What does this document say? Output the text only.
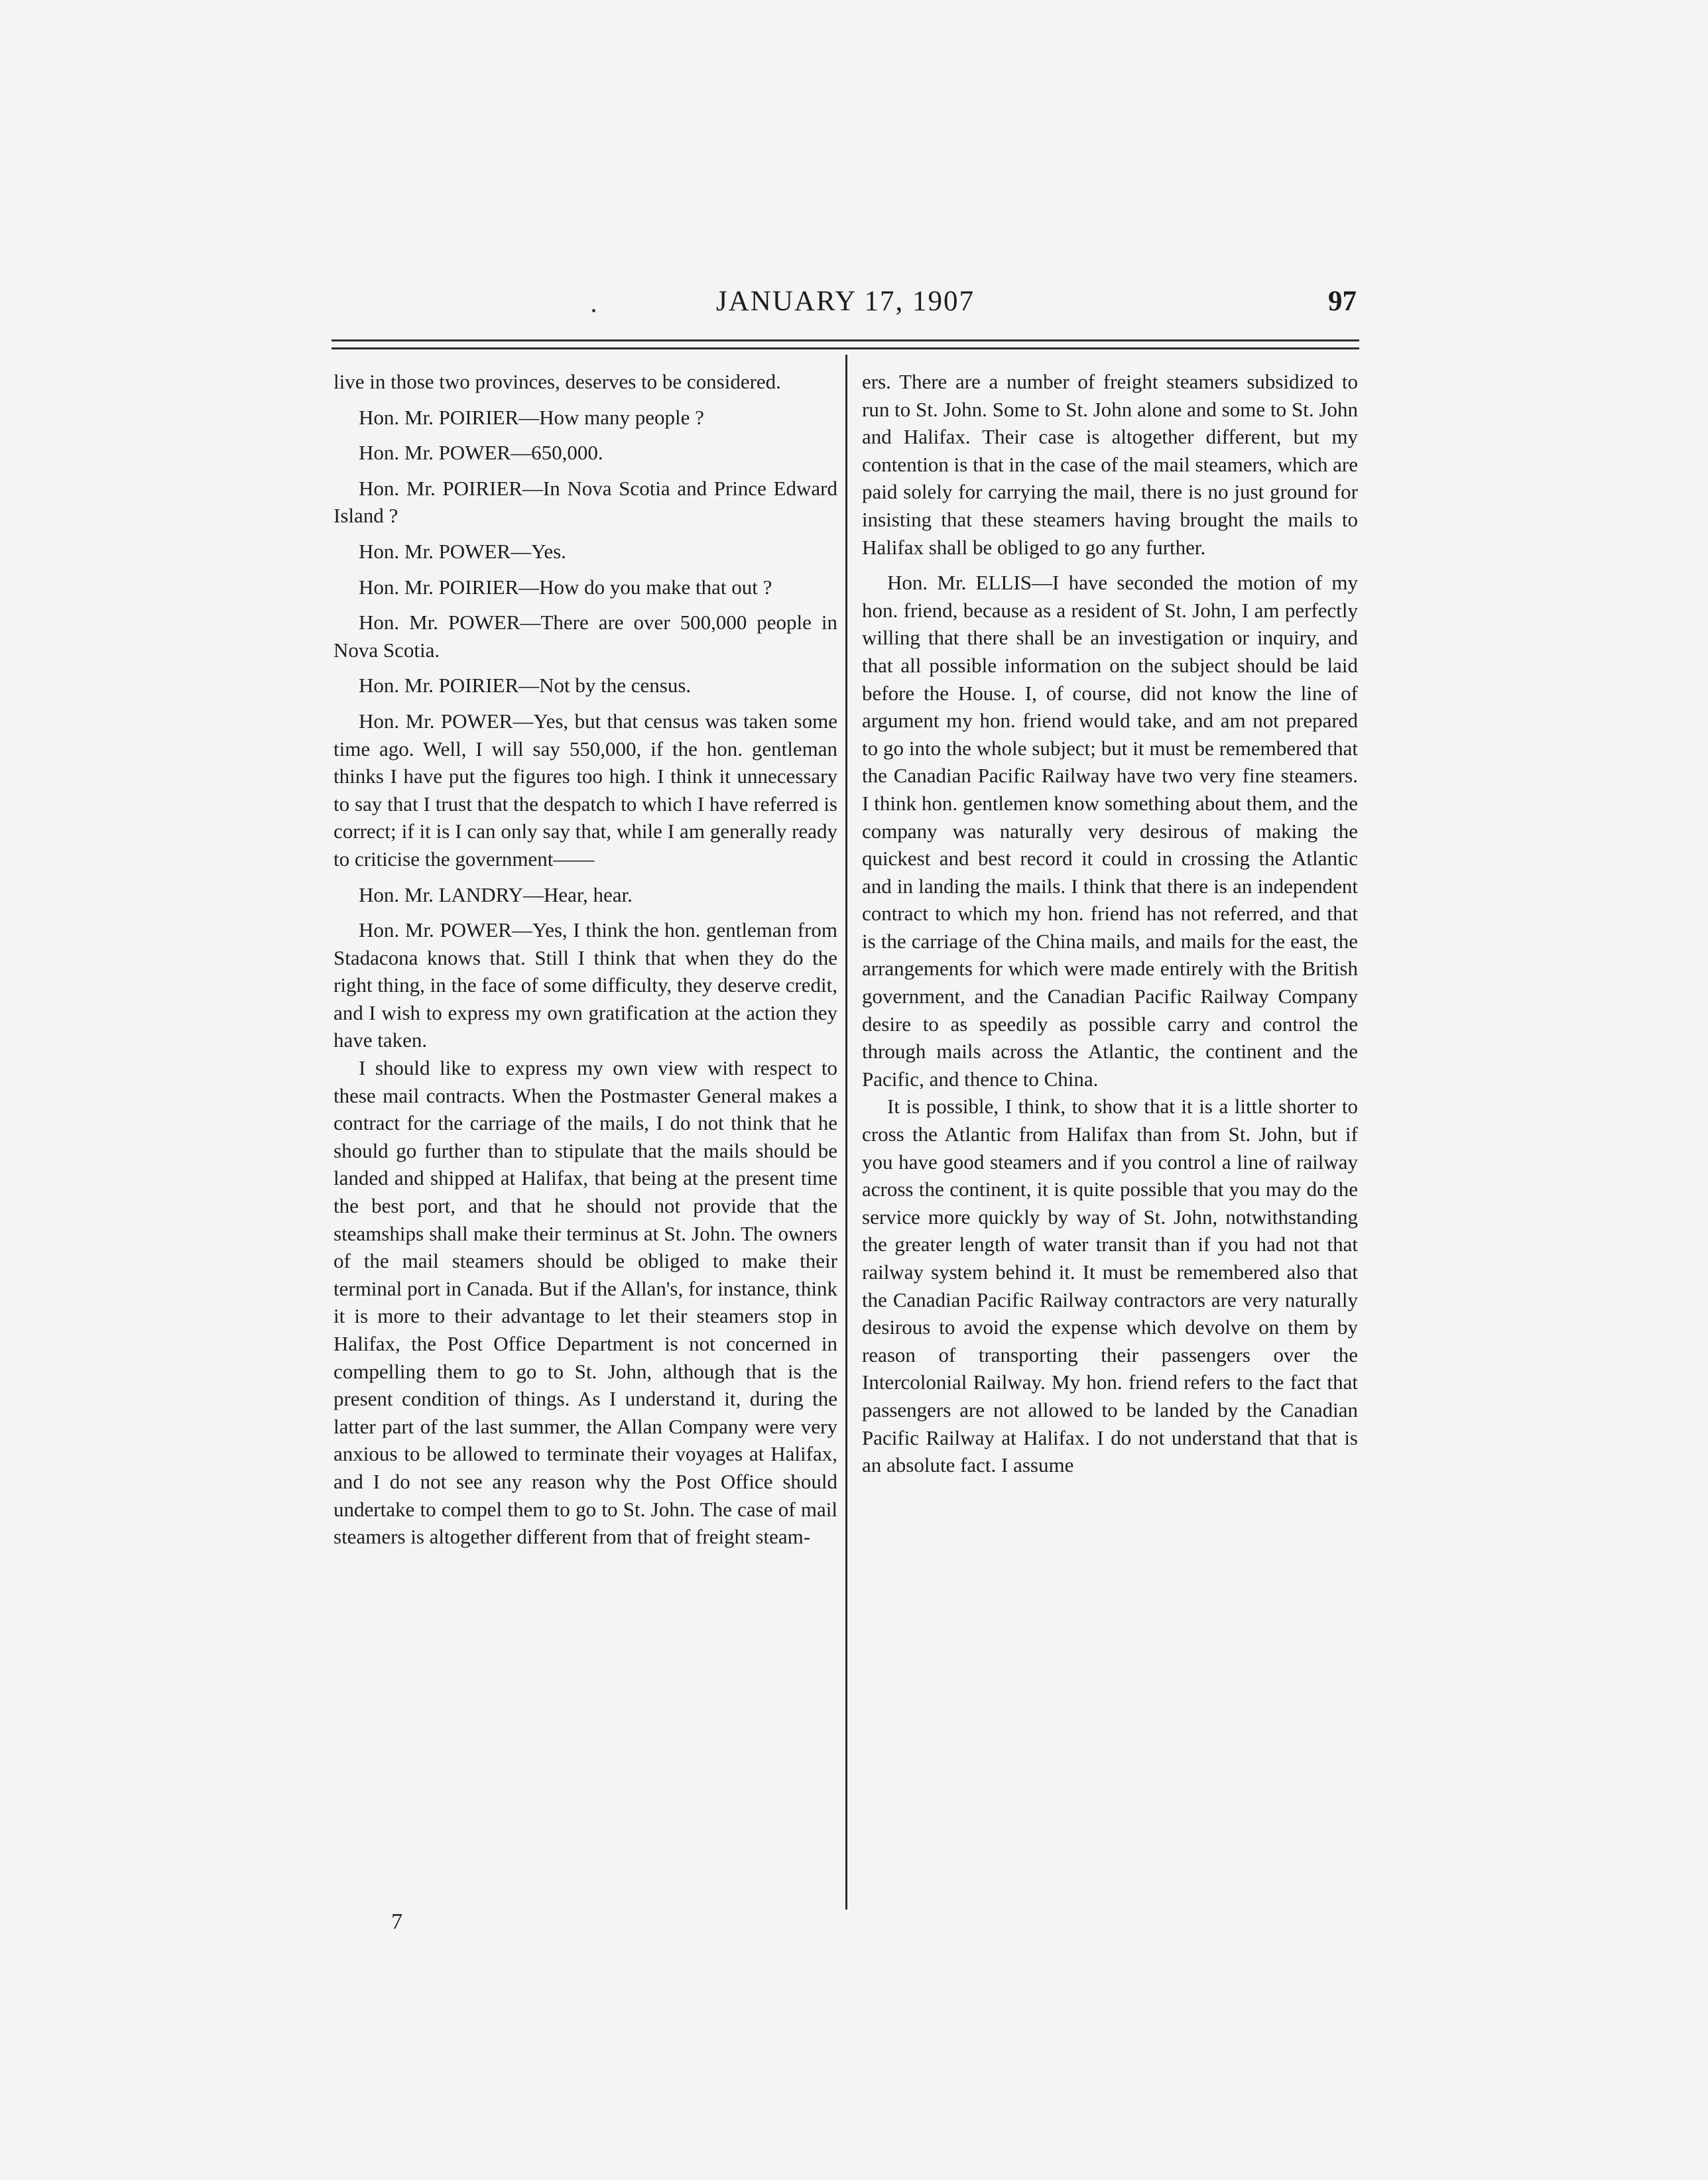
JANUARY 17, 1907	97

live in those two provinces, deserves to be considered.

Hon. Mr. POIRIER—How many people ?

Hon. Mr. POWER—650,000.

Hon. Mr. POIRIER—In Nova Scotia and Prince Edward Island ?

Hon. Mr. POWER—Yes.

Hon. Mr. POIRIER—How do you make that out ?

Hon. Mr. POWER—There are over 500,000 people in Nova Scotia.

Hon. Mr. POIRIER—Not by the census.

Hon. Mr. POWER—Yes, but that census was taken some time ago. Well, I will say 550,000, if the hon. gentleman thinks I have put the figures too high. I think it unnecessary to say that I trust that the despatch to which I have referred is correct; if it is I can only say that, while I am generally ready to criticise the government——

Hon. Mr. LANDRY—Hear, hear.

Hon. Mr. POWER—Yes, I think the hon. gentleman from Stadacona knows that. Still I think that when they do the right thing, in the face of some difficulty, they deserve credit, and I wish to express my own gratification at the action they have taken.

I should like to express my own view with respect to these mail contracts. When the Postmaster General makes a contract for the carriage of the mails, I do not think that he should go further than to stipulate that the mails should be landed and shipped at Halifax, that being at the present time the best port, and that he should not provide that the steamships shall make their terminus at St. John. The owners of the mail steamers should be obliged to make their terminal port in Canada. But if the Allan's, for instance, think it is more to their advantage to let their steamers stop in Halifax, the Post Office Department is not concerned in compelling them to go to St. John, although that is the present condition of things. As I understand it, during the latter part of the last summer, the Allan Company were very anxious to be allowed to terminate their voyages at Halifax, and I do not see any reason why the Post Office should undertake to compel them to go to St. John. The case of mail steamers is altogether different from that of freight steam-

ers. There are a number of freight steamers subsidized to run to St. John. Some to St. John alone and some to St. John and Halifax. Their case is altogether different, but my contention is that in the case of the mail steamers, which are paid solely for carrying the mail, there is no just ground for insisting that these steamers having brought the mails to Halifax shall be obliged to go any further.

Hon. Mr. ELLIS—I have seconded the motion of my hon. friend, because as a resident of St. John, I am perfectly willing that there shall be an investigation or inquiry, and that all possible information on the subject should be laid before the House. I, of course, did not know the line of argument my hon. friend would take, and am not prepared to go into the whole subject; but it must be remembered that the Canadian Pacific Railway have two very fine steamers. I think hon. gentlemen know something about them, and the company was naturally very desirous of making the quickest and best record it could in crossing the Atlantic and in landing the mails. I think that there is an independent contract to which my hon. friend has not referred, and that is the carriage of the China mails, and mails for the east, the arrangements for which were made entirely with the British government, and the Canadian Pacific Railway Company desire to as speedily as possible carry and control the through mails across the Atlantic, the continent and the Pacific, and thence to China.

It is possible, I think, to show that it is a little shorter to cross the Atlantic from Halifax than from St. John, but if you have good steamers and if you control a line of railway across the continent, it is quite possible that you may do the service more quickly by way of St. John, notwithstanding the greater length of water transit than if you had not that railway system behind it. It must be remembered also that the Canadian Pacific Railway contractors are very naturally desirous to avoid the expense which devolve on them by reason of transporting their passengers over the Intercolonial Railway. My hon. friend refers to the fact that passengers are not allowed to be landed by the Canadian Pacific Railway at Halifax. I do not understand that that is an absolute fact. I assume

7
